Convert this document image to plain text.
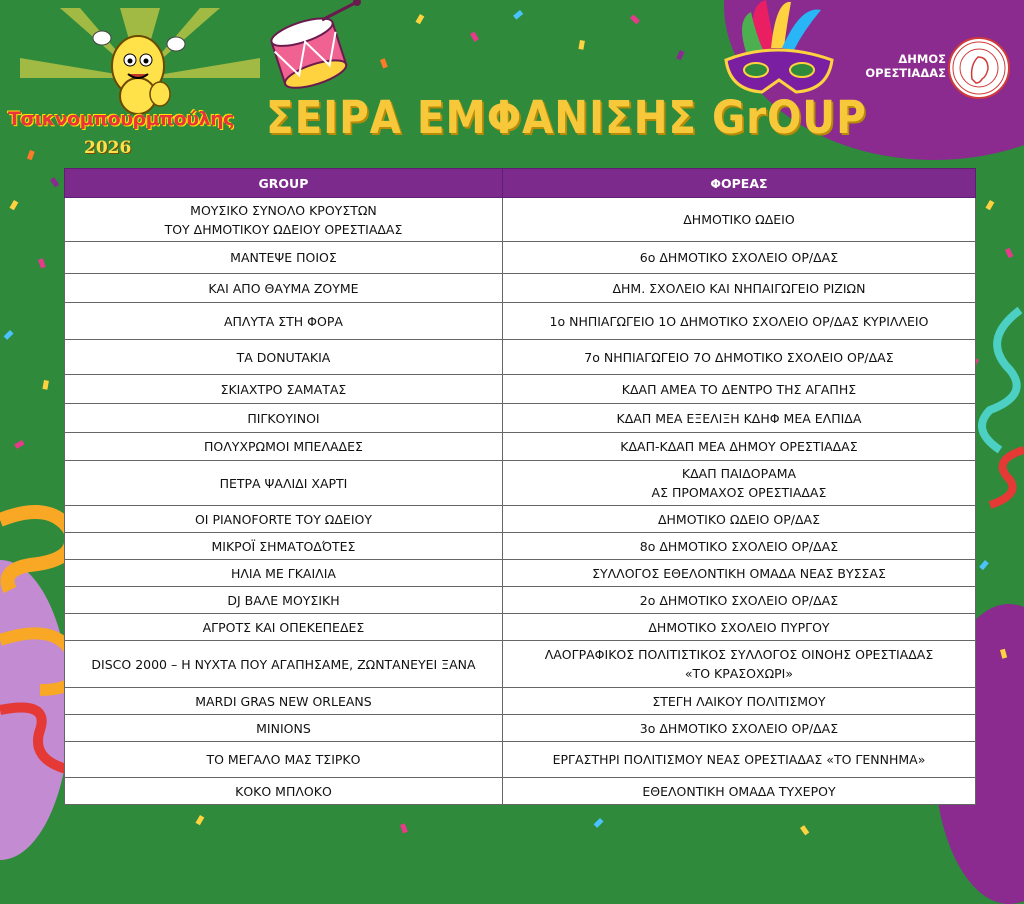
Τσικνομπουρμπούλης
2026
ΣΕΙΡΑ ΕΜΦΑΝΙΣΗΣ GrOUP
ΔΗΜΟΣ
ΟΡΕΣΤΙΑΔΑΣ
GROUP	ΦΟΡΕΑΣ
ΜΟΥΣΙΚΟ ΣΥΝΟΛΟ ΚΡΟΥΣΤΩΝ
ΤΟΥ ΔΗΜΟΤΙΚΟΥ ΩΔΕΙΟΥ ΟΡΕΣΤΙΑΔΑΣ	ΔΗΜΟΤΙΚΟ ΩΔΕΙΟ
ΜΑΝΤΕΨΕ ΠΟΙΟΣ	6ο ΔΗΜΟΤΙΚΟ ΣΧΟΛΕΙΟ ΟΡ/ΔΑΣ
ΚΑΙ ΑΠΟ ΘΑΥΜΑ ΖΟΥΜΕ	ΔΗΜ. ΣΧΟΛΕΙΟ ΚΑΙ ΝΗΠΑΙΓΩΓΕΙΟ ΡΙΖΙΩΝ
ΑΠΛΥΤΑ ΣΤΗ ΦΟΡΑ	1ο ΝΗΠΙΑΓΩΓΕΙΟ 1Ο ΔΗΜΟΤΙΚΟ ΣΧΟΛΕΙΟ ΟΡ/ΔΑΣ ΚΥΡΙΛΛΕΙΟ
ΤΑ DONUTAKIA	7ο ΝΗΠΙΑΓΩΓΕΙΟ 7Ο ΔΗΜΟΤΙΚΟ ΣΧΟΛΕΙΟ ΟΡ/ΔΑΣ
ΣΚΙΑΧΤΡΟ ΣΑΜΑΤΑΣ	ΚΔΑΠ ΑΜΕΑ ΤΟ ΔΕΝΤΡΟ ΤΗΣ ΑΓΑΠΗΣ
ΠΙΓΚΟΥΙΝΟΙ	ΚΔΑΠ ΜΕΑ ΕΞΕΛΙΞΗ ΚΔΗΦ ΜΕΑ ΕΛΠΙΔΑ
ΠΟΛΥΧΡΩΜΟΙ ΜΠΕΛΑΔΕΣ	ΚΔΑΠ-ΚΔΑΠ ΜΕΑ ΔΗΜΟΥ ΟΡΕΣΤΙΑΔΑΣ
ΠΕΤΡΑ ΨΑΛΙΔΙ ΧΑΡΤΙ	ΚΔΑΠ ΠΑΙΔΟΡΑΜΑ
ΑΣ ΠΡΟΜΑΧΟΣ ΟΡΕΣΤΙΑΔΑΣ
ΟΙ PIANOFORTE ΤΟΥ ΩΔΕΙΟΥ	ΔΗΜΟΤΙΚΟ ΩΔΕΙΟ ΟΡ/ΔΑΣ
ΜΙΚΡΟΪ ΣΗΜΑΤΟΔΌΤΕΣ	8ο ΔΗΜΟΤΙΚΟ ΣΧΟΛΕΙΟ ΟΡ/ΔΑΣ
ΗΛΙΑ ΜΕ ΓΚΑΙΛΙΑ	ΣΥΛΛΟΓΟΣ ΕΘΕΛΟΝΤΙΚΗ ΟΜΑΔΑ ΝΕΑΣ ΒΥΣΣΑΣ
DJ ΒΑΛΕ ΜΟΥΣΙΚΗ	2ο ΔΗΜΟΤΙΚΟ ΣΧΟΛΕΙΟ ΟΡ/ΔΑΣ
ΑΓΡΟΤΣ ΚΑΙ ΟΠΕΚΕΠΕΔΕΣ	ΔΗΜΟΤΙΚΟ ΣΧΟΛΕΙΟ ΠΥΡΓΟΥ
DISCO 2000 – Η ΝΥΧΤΑ ΠΟΥ ΑΓΑΠΗΣΑΜΕ, ΖΩΝΤΑΝΕΥΕΙ ΞΑΝΑ	ΛΑΟΓΡΑΦΙΚΟΣ ΠΟΛΙΤΙΣΤΙΚΟΣ ΣΥΛΛΟΓΟΣ ΟΙΝΟΗΣ ΟΡΕΣΤΙΑΔΑΣ
«ΤΟ ΚΡΑΣΟΧΩΡΙ»
MARDI GRAS NEW ORLEANS	ΣΤΕΓΗ ΛΑΙΚΟΥ ΠΟΛΙΤΙΣΜΟΥ
MINIONS	3ο ΔΗΜΟΤΙΚΟ ΣΧΟΛΕΙΟ ΟΡ/ΔΑΣ
ΤΟ ΜΕΓΑΛΟ ΜΑΣ ΤΣΙΡΚΟ	ΕΡΓΑΣΤΗΡΙ ΠΟΛΙΤΙΣΜΟΥ ΝΕΑΣ ΟΡΕΣΤΙΑΔΑΣ «ΤΟ ΓΕΝΝΗΜΑ»
ΚΟΚΟ ΜΠΛΟΚΟ	ΕΘΕΛΟΝΤΙΚΗ ΟΜΑΔΑ ΤΥΧΕΡΟΥ
